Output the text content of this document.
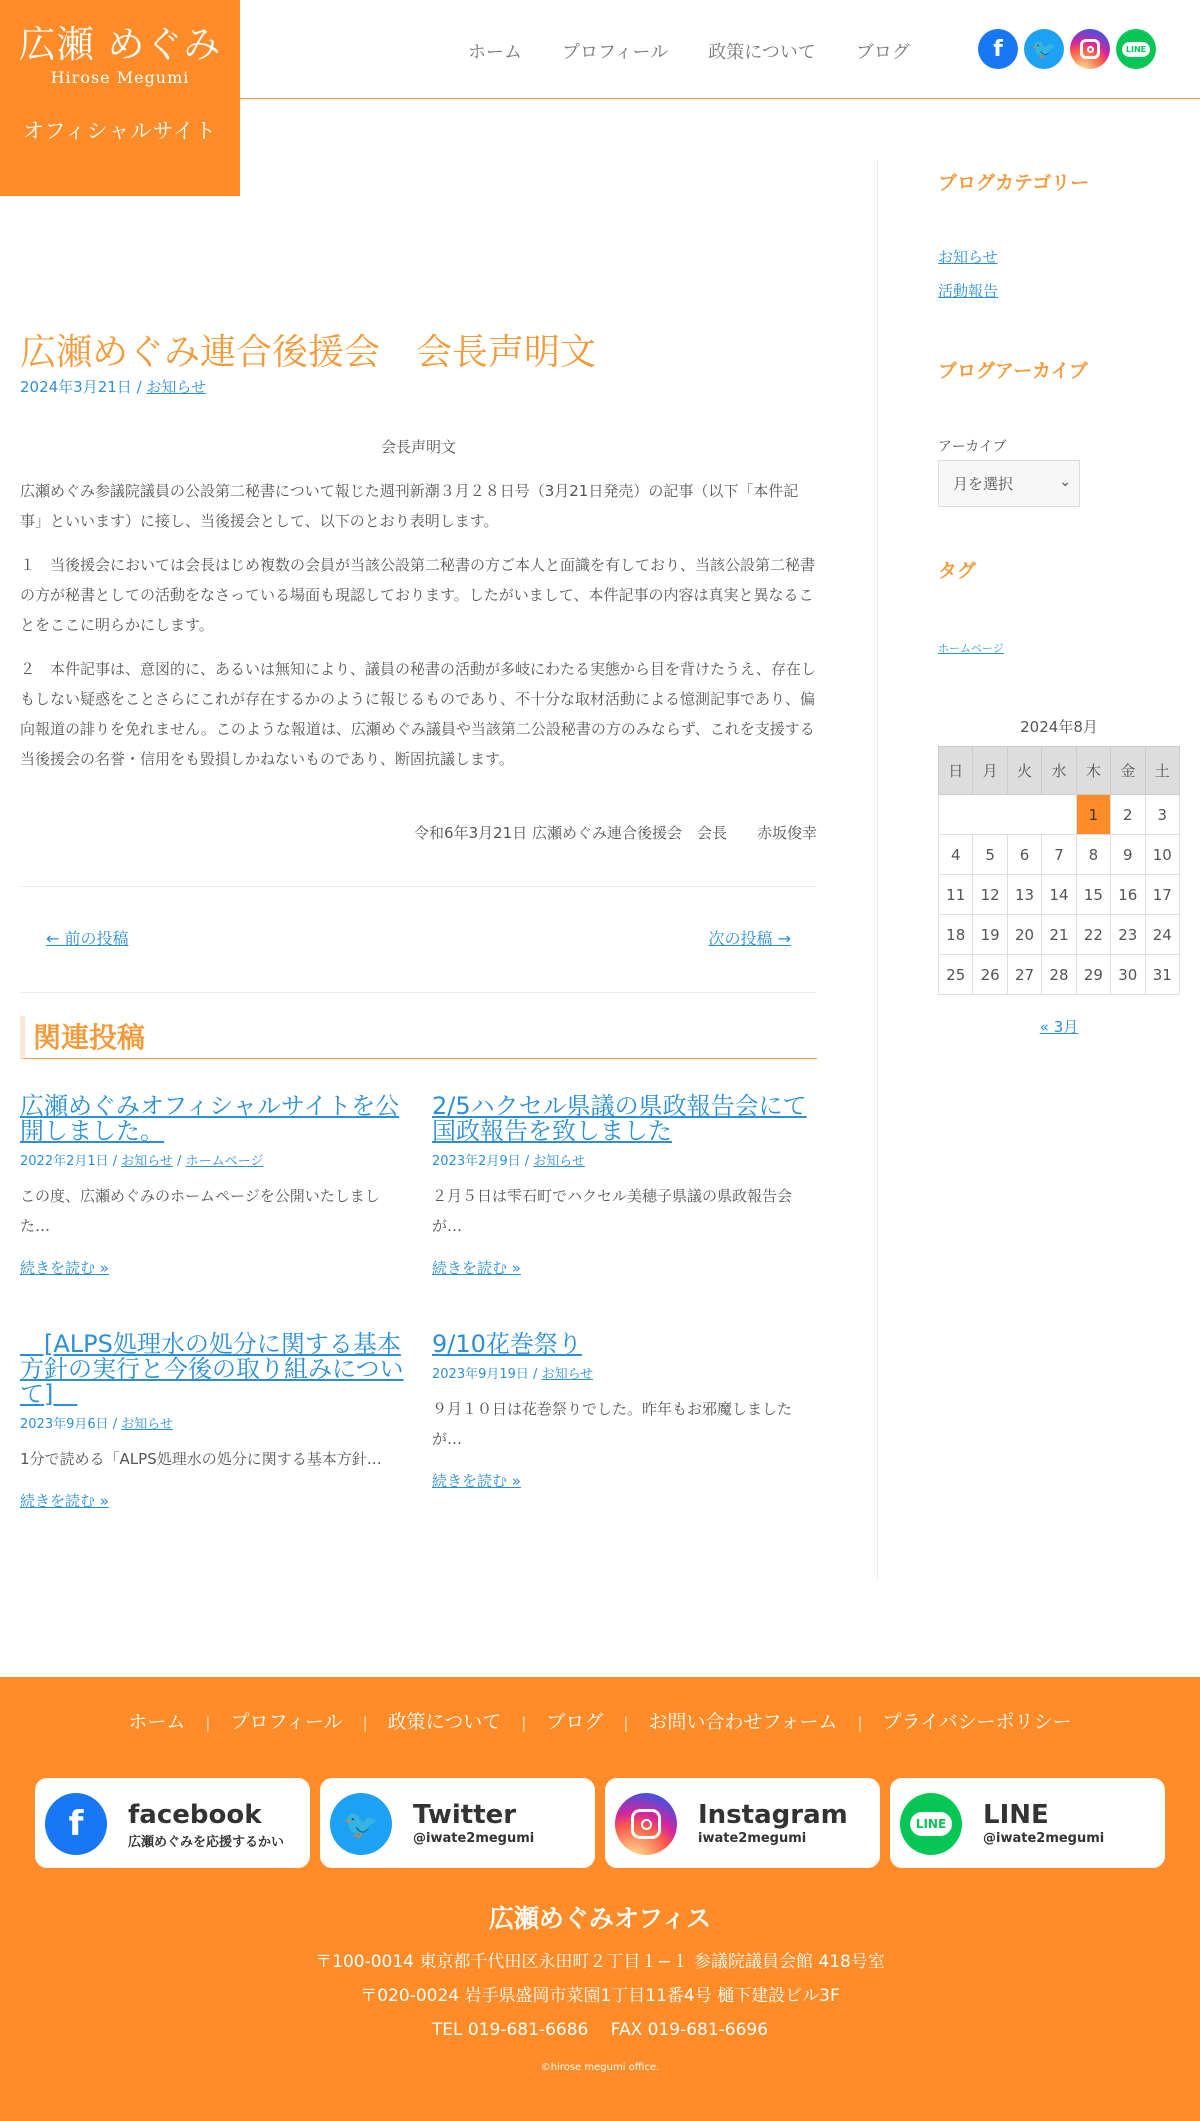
広瀬 めぐみ
Hirose Megumi
オフィシャルサイト
ホーム プロフィール 政策について ブログ	f	🐦	LINE
広瀬めぐみ連合後援会　会長声明文
2024年3月21日 / お知らせ

会長声明文

広瀬めぐみ参議院議員の公設第二秘書について報じた週刊新潮３月２８日号（3月21日発売）の記事（以下「本件記事」といいます）に接し、当後援会として、以下のとおり表明します。

１　当後援会においては会長はじめ複数の会員が当該公設第二秘書の方ご本人と面識を有しており、当該公設第二秘書の方が秘書としての活動をなさっている場面も現認しております。したがいまして、本件記事の内容は真実と異なることをここに明らかにします。

２　本件記事は、意図的に、あるいは無知により、議員の秘書の活動が多岐にわたる実態から目を背けたうえ、存在しもしない疑惑をことさらにこれが存在するかのように報じるものであり、不十分な取材活動による憶測記事であり、偏向報道の誹りを免れません。このような報道は、広瀬めぐみ議員や当該第二公設秘書の方のみならず、これを支援する当後援会の名誉・信用をも毀損しかねないものであり、断固抗議します。

令和6年3月21日 広瀬めぐみ連合後援会　会長　　赤坂俊幸

← 前の投稿	次の投稿 →
関連投稿
広瀬めぐみオフィシャルサイトを公開しました。
2022年2月1日 / お知らせ / ホームページ
この度、広瀬めぐみのホームページを公開いたしました…
続きを読む »
2/5ハクセル県議の県政報告会にて国政報告を致しました
2023年2月9日 / お知らせ
２月５日は雫石町でハクセル美穂子県議の県政報告会が…
続きを読む »
　[ALPS処理水の処分に関する基本方針の実行と今後の取り組みについて]　
2023年9月6日 / お知らせ
1分で読める「ALPS処理水の処分に関する基本方針…
続きを読む »
9/10花巻祭り
2023年9月19日 / お知らせ
９月１０日は花巻祭りでした。昨年もお邪魔しましたが…
続きを読む »
ブログカテゴリー
お知らせ
活動報告
ブログアーカイブ
アーカイブ
月を選択	⌄
タグ
ホームページ
2024年8月
日	月	火	水	木	金	土
				1	2	3
4	5	6	7	8	9	10
11	12	13	14	15	16	17
18	19	20	21	22	23	24
25	26	27	28	29	30	31
« 3月
ホーム | プロフィール | 政策について | ブログ | お問い合わせフォーム | プライバシーポリシー
f	facebook
広瀬めぐみを応援するかい
🐦	Twitter
@iwate2megumi
Instagram
iwate2megumi
LINE LINE
@iwate2megumi
広瀬めぐみオフィス
〒100-0014 東京都千代田区永田町２丁目１−１ 参議院議員会館 418号室
〒020-0024 岩手県盛岡市菜園1丁目11番4号 樋下建設ビル3F
TEL 019-681-6686　 FAX 019-681-6696
©hirose megumi office.
